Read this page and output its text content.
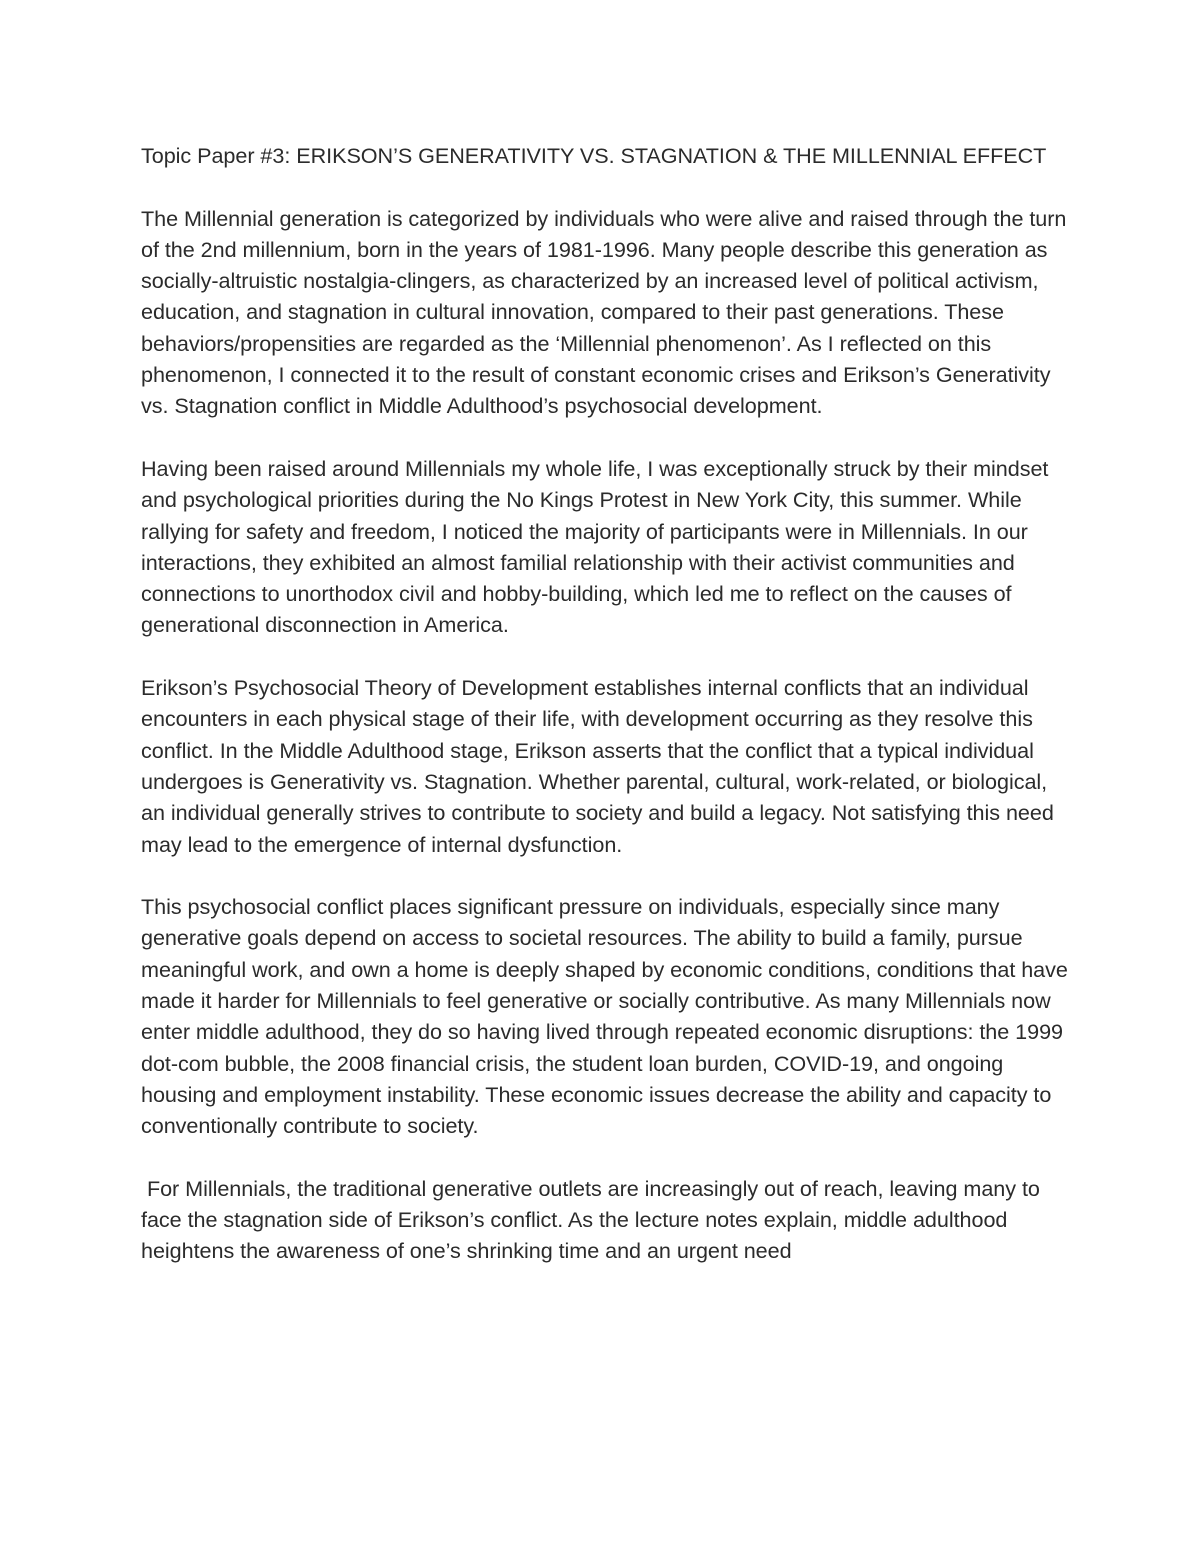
Topic Paper #3: ERIKSON’S GENERATIVITY VS. STAGNATION & THE MILLENNIAL EFFECT

The Millennial generation is categorized by individuals who were alive and raised through the turn of the 2nd millennium, born in the years of 1981-1996. Many people describe this generation as socially-altruistic nostalgia-clingers, as characterized by an increased level of political activism, education, and stagnation in cultural innovation, compared to their past generations. These behaviors/propensities are regarded as the ‘Millennial phenomenon’. As I reflected on this phenomenon, I connected it to the result of constant economic crises and Erikson’s Generativity vs. Stagnation conflict in Middle Adulthood’s psychosocial development.

Having been raised around Millennials my whole life, I was exceptionally struck by their mindset and psychological priorities during the No Kings Protest in New York City, this summer. While rallying for safety and freedom, I noticed the majority of participants were in Millennials. In our interactions, they exhibited an almost familial relationship with their activist communities and connections to unorthodox civil and hobby-building, which led me to reflect on the causes of generational disconnection in America.

Erikson’s Psychosocial Theory of Development establishes internal conflicts that an individual encounters in each physical stage of their life, with development occurring as they resolve this conflict. In the Middle Adulthood stage, Erikson asserts that the conflict that a typical individual undergoes is Generativity vs. Stagnation. Whether parental, cultural, work-related, or biological, an individual generally strives to contribute to society and build a legacy. Not satisfying this need may lead to the emergence of internal dysfunction.

This psychosocial conflict places significant pressure on individuals, especially since many generative goals depend on access to societal resources. The ability to build a family, pursue meaningful work, and own a home is deeply shaped by economic conditions, conditions that have made it harder for Millennials to feel generative or socially contributive. As many Millennials now enter middle adulthood, they do so having lived through repeated economic disruptions: the 1999 dot-com bubble, the 2008 financial crisis, the student loan burden, COVID-19, and ongoing housing and employment instability. These economic issues decrease the ability and capacity to conventionally contribute to society.

For Millennials, the traditional generative outlets are increasingly out of reach, leaving many to face the stagnation side of Erikson’s conflict. As the lecture notes explain, middle adulthood heightens the awareness of one’s shrinking time and an urgent need
